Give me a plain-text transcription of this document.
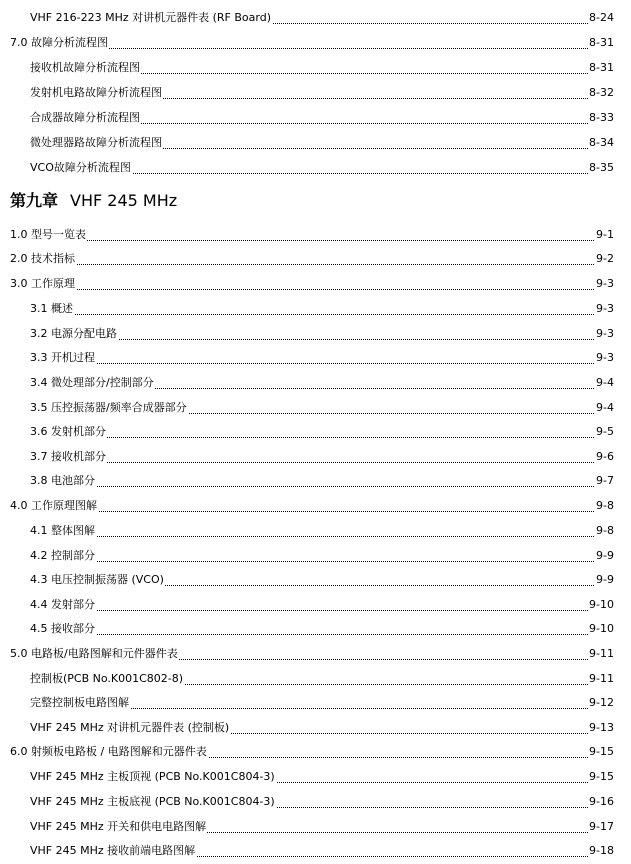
VHF 216-223 MHz 对讲机元器件表 (RF Board)	8-24
7.0 故障分析流程图	8-31
接收机故障分析流程图	8-31
发射机电路故障分析流程图	8-32
合成器故障分析流程图	8-33
微处理器路故障分析流程图	8-34
VCO故障分析流程图	8-35
第九章 VHF 245 MHz
1.0 型号一览表	9-1
2.0 技术指标	9-2
3.0 工作原理	9-3
3.1 概述	9-3
3.2 电源分配电路	9-3
3.3 开机过程	9-3
3.4 微处理部分/控制部分	9-4
3.5 压控振荡器/频率合成器部分	9-4
3.6 发射机部分	9-5
3.7 接收机部分	9-6
3.8 电池部分	9-7
4.0 工作原理图解	9-8
4.1 整体图解	9-8
4.2 控制部分	9-9
4.3 电压控制振荡器 (VCO)	9-9
4.4 发射部分	9-10
4.5 接收部分	9-10
5.0 电路板/电路图解和元件器件表	9-11
控制板(PCB No.K001C802-8)	9-11
完整控制板电路图解	9-12
VHF 245 MHz 对讲机元器件表 (控制板)	9-13
6.0 射频板电路板 / 电路图解和元器件表	9-15
VHF 245 MHz 主板顶视 (PCB No.K001C804-3)	9-15
VHF 245 MHz 主板底视 (PCB No.K001C804-3)	9-16
VHF 245 MHz 开关和供电电路图解	9-17
VHF 245 MHz 接收前端电路图解	9-18
